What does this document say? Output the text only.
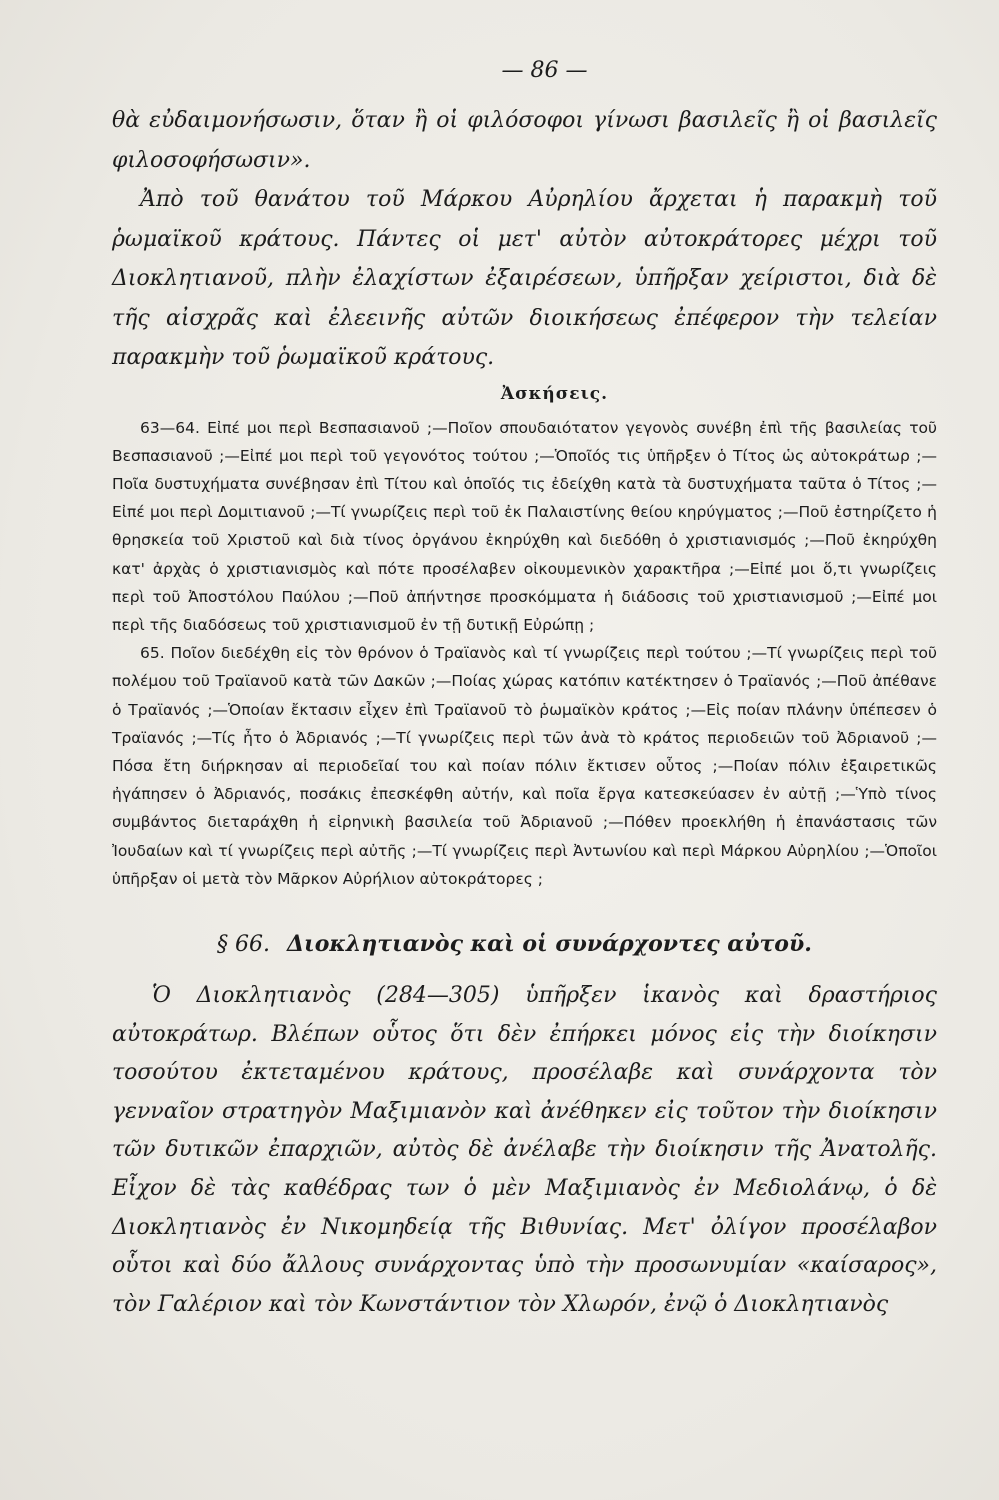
— 86 —

θὰ εὐδαιμονήσωσιν, ὅταν ἢ οἱ φιλόσοφοι γίνωσι βασιλεῖς ἢ οἱ βασιλεῖς φιλοσοφήσωσιν».

Ἀπὸ τοῦ θανάτου τοῦ Μάρκου Αὐρηλίου ἄρχεται ἡ παρακμὴ τοῦ ῥωμαϊκοῦ κράτους. Πάντες οἱ μετ' αὐτὸν αὐτοκράτορες μέχρι τοῦ Διοκλητιανοῦ, πλὴν ἐλαχίστων ἐξαιρέσεων, ὑπῆρξαν χείριστοι, διὰ δὲ τῆς αἰσχρᾶς καὶ ἐλεεινῆς αὐτῶν διοικήσεως ἐπέφερον τὴν τελείαν παρακμὴν τοῦ ῥωμαϊκοῦ κράτους.

Ἀσκήσεις.

63—64. Εἰπέ μοι περὶ Βεσπασιανοῦ ;—Ποῖον σπουδαιότατον γεγονὸς συνέβη ἐπὶ τῆς βασιλείας τοῦ Βεσπασιανοῦ ;—Εἰπέ μοι περὶ τοῦ γεγονότος τούτου ;—Ὁποῖός τις ὑπῆρξεν ὁ Τίτος ὡς αὐτοκράτωρ ;—Ποῖα δυστυχήματα συνέβησαν ἐπὶ Τίτου καὶ ὁποῖός τις ἐδείχθη κατὰ τὰ δυστυχήματα ταῦτα ὁ Τίτος ;—Εἰπέ μοι περὶ Δομιτιανοῦ ;—Τί γνωρίζεις περὶ τοῦ ἐκ Παλαιστίνης θείου κηρύγματος ;—Ποῦ ἐστηρίζετο ἡ θρησκεία τοῦ Χριστοῦ καὶ διὰ τίνος ὀργάνου ἐκηρύχθη καὶ διεδόθη ὁ χριστιανισμός ;—Ποῦ ἐκηρύχθη κατ' ἀρχὰς ὁ χριστιανισμὸς καὶ πότε προσέλαβεν οἰκουμενικὸν χαρακτῆρα ;—Εἰπέ μοι ὅ,τι γνωρίζεις περὶ τοῦ Ἀποστόλου Παύλου ;—Ποῦ ἀπήντησε προσκόμματα ἡ διάδοσις τοῦ χριστιανισμοῦ ;—Εἰπέ μοι περὶ τῆς διαδόσεως τοῦ χριστιανισμοῦ ἐν τῇ δυτικῇ Εὐρώπῃ ;

65. Ποῖον διεδέχθη εἰς τὸν θρόνον ὁ Τραϊανὸς καὶ τί γνωρίζεις περὶ τούτου ;—Τί γνωρίζεις περὶ τοῦ πολέμου τοῦ Τραϊανοῦ κατὰ τῶν Δακῶν ;—Ποίας χώρας κατόπιν κατέκτησεν ὁ Τραϊανός ;—Ποῦ ἀπέθανε ὁ Τραϊανός ;—Ὁποίαν ἔκτασιν εἶχεν ἐπὶ Τραϊανοῦ τὸ ῥωμαϊκὸν κράτος ;—Εἰς ποίαν πλάνην ὑπέπεσεν ὁ Τραϊανός ;—Τίς ἦτο ὁ Ἀδριανός ;—Τί γνωρίζεις περὶ τῶν ἀνὰ τὸ κράτος περιοδειῶν τοῦ Ἀδριανοῦ ;—Πόσα ἔτη διήρκησαν αἱ περιοδεῖαί του καὶ ποίαν πόλιν ἔκτισεν οὗτος ;—Ποίαν πόλιν ἐξαιρετικῶς ἠγάπησεν ὁ Ἀδριανός, ποσάκις ἐπεσκέφθη αὐτήν, καὶ ποῖα ἔργα κατεσκεύασεν ἐν αὐτῇ ;—Ὑπὸ τίνος συμβάντος διεταράχθη ἡ εἰρηνικὴ βασιλεία τοῦ Ἀδριανοῦ ;—Πόθεν προεκλήθη ἡ ἐπανάστασις τῶν Ἰουδαίων καὶ τί γνωρίζεις περὶ αὐτῆς ;—Τί γνωρίζεις περὶ Ἀντωνίου καὶ περὶ Μάρκου Αὐρηλίου ;—Ὁποῖοι ὑπῆρξαν οἱ μετὰ τὸν Μᾶρκον Αὐρήλιον αὐτοκράτορες ;

§ 66. Διοκλητιανὸς καὶ οἱ συνάρχοντες αὐτοῦ.

Ὁ Διοκλητιανὸς (284—305) ὑπῆρξεν ἱκανὸς καὶ δραστήριος αὐτοκράτωρ. Βλέπων οὗτος ὅτι δὲν ἐπήρκει μόνος εἰς τὴν διοίκησιν τοσούτου ἐκτεταμένου κράτους, προσέλαβε καὶ συνάρχοντα τὸν γενναῖον στρατηγὸν Μαξιμιανὸν καὶ ἀνέθηκεν εἰς τοῦτον τὴν διοίκησιν τῶν δυτικῶν ἐπαρχιῶν, αὐτὸς δὲ ἀνέλαβε τὴν διοίκησιν τῆς Ἀνατολῆς. Εἶχον δὲ τὰς καθέδρας των ὁ μὲν Μαξιμιανὸς ἐν Μεδιολάνῳ, ὁ δὲ Διοκλητιανὸς ἐν Νικομηδείᾳ τῆς Βιθυνίας. Μετ' ὀλίγον προσέλαβον οὗτοι καὶ δύο ἄλλους συνάρχοντας ὑπὸ τὴν προσωνυμίαν «καίσαρος», τὸν Γαλέριον καὶ τὸν Κωνστάντιον τὸν Χλωρόν, ἐνῷ ὁ Διοκλητιανὸς
